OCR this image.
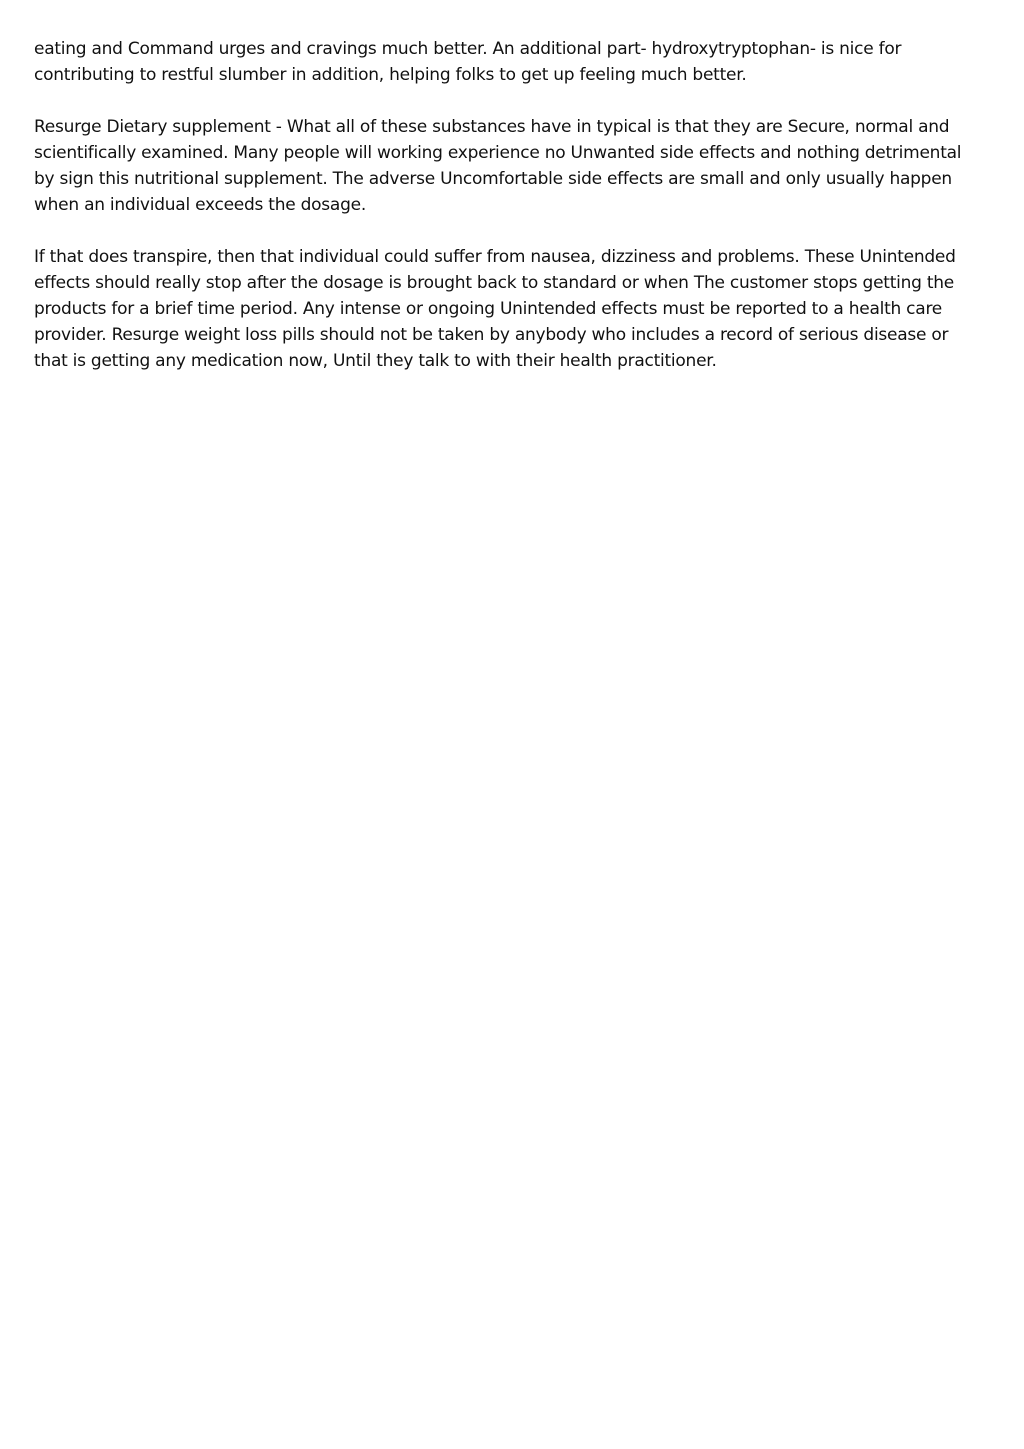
eating and Command urges and cravings much better. An additional part- hydroxytryptophan- is nice for contributing to restful slumber in addition, helping folks to get up feeling much better.

Resurge Dietary supplement - What all of these substances have in typical is that they are Secure, normal and scientifically examined. Many people will working experience no Unwanted side effects and nothing detrimental by sign this nutritional supplement. The adverse Uncomfortable side effects are small and only usually happen when an individual exceeds the dosage.

If that does transpire, then that individual could suffer from nausea, dizziness and problems. These Unintended effects should really stop after the dosage is brought back to standard or when The customer stops getting the products for a brief time period. Any intense or ongoing Unintended effects must be reported to a health care provider. Resurge weight loss pills should not be taken by anybody who includes a record of serious disease or that is getting any medication now, Until they talk to with their health practitioner.
